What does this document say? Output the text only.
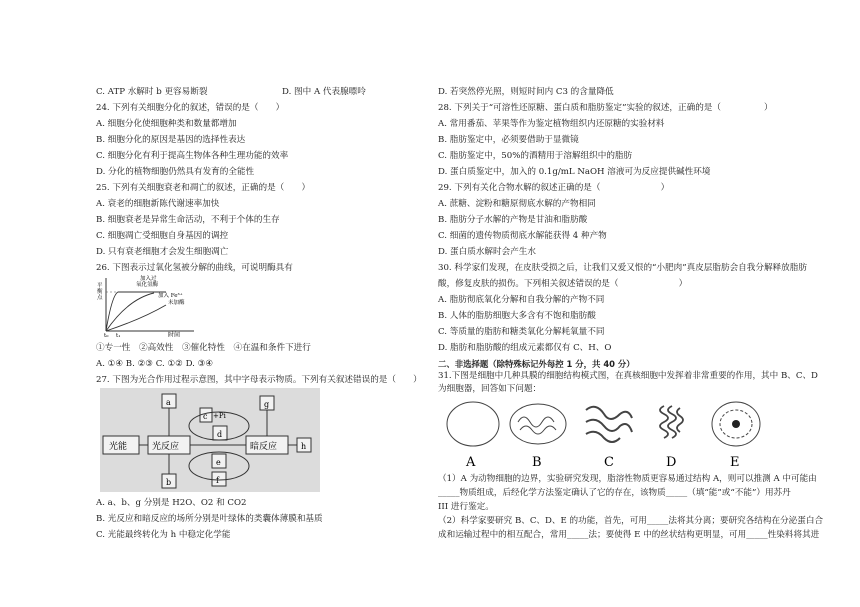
C. ATP 水解时 b 更容易断裂	D. 图中 A 代表腺嘌呤
24. 下列有关细胞分化的叙述，错误的是（　　）
A. 细胞分化使细胞种类和数量都增加
B. 细胞分化的原因是基因的选择性表达
C. 细胞分化有利于提高生物体各种生理功能的效率
D. 分化的植物细胞仍然具有发育的全能性
25. 下列有关细胞衰老和凋亡的叙述，正确的是（　　）
A. 衰老的细胞新陈代谢速率加快
B. 细胞衰老是异常生命活动，不利于个体的生存
C. 细胞凋亡受细胞自身基因的调控
D. 只有衰老细胞才会发生细胞凋亡
26. 下图表示过氧化氢被分解的曲线，可说明酶具有
①专一性　②高效性　③催化特性　④在温和条件下进行
A. ①④ B. ②③ C. ①② D. ③④
27. 下图为光合作用过程示意图，其中字母表示物质。下列有关叙述错误的是（　　）
A. a、b、g 分别是 H2O、O2 和 CO2
B. 光反应和暗反应的场所分别是叶绿体的类囊体薄膜和基质
C. 光能最终转化为 h 中稳定化学能
D. 若突然停光照，则短时间内 C3 的含量降低
28. 下列关于“可溶性还原糖、蛋白质和脂肪鉴定”实验的叙述，正确的是（　　　　　）
A. 常用番茄、苹果等作为鉴定植物组织内还原糖的实验材料
B. 脂肪鉴定中，必须要借助于显微镜
C. 脂肪鉴定中，50%的酒精用于溶解组织中的脂肪
D. 蛋白质鉴定中，加入的 0.1g/mL NaOH 溶液可为反应提供碱性环境
29. 下列有关化合物水解的叙述正确的是（　　　　　　　）
A. 蔗糖、淀粉和糖原彻底水解的产物相同
B. 脂肪分子水解的产物是甘油和脂肪酸
C. 细菌的遗传物质彻底水解能获得 4 种产物
D. 蛋白质水解时会产生水
30. 科学家们发现，在皮肤受损之后，让我们又爱又恨的“小肥肉”真皮层脂肪会自我分解释放脂肪
酸，修复皮肤的损伤。下列相关叙述错误的是（　　　　　　　）
A. 脂肪彻底氧化分解和自我分解的产物不同
B. 人体的脂肪细胞大多含有不饱和脂肪酸
C. 等质量的脂肪和糖类氧化分解耗氧量不同
D. 脂肪和脂肪酸的组成元素都仅有 C、H、O
二、非选择题（除特殊标记外每控 1 分，共 40 分）
31.下图是细胞中几种具膜的细胞结构模式图，在真核细胞中发挥着非常重要的作用，其中 B、C、D
为细胞器，回答如下问题：
（1）A 为动物细胞的边界，实验研究发现，脂溶性物质更容易通过结构 A，则可以推测 A 中可能由
_____物质组成，后经化学方法鉴定确认了它的存在，该物质_____（填“能”或“不能”）用苏丹
III 进行鉴定。
（2）科学家要研究 B、C、D、E 的功能，首先，可用_____法将其分离；要研究各结构在分泌蛋白合
成和运输过程中的相互配合，常用_____法；要使得 E 中的丝状结构更明显，可用_____性染料将其进
平
衡
点
加入过
氧化氢酶
加入 Fe³⁺
未加酶
t₀ t₁	时间
光能	光反应	暗反应	h
a
c +Pi
d
g
e
f
b
A	B	C	D	E
